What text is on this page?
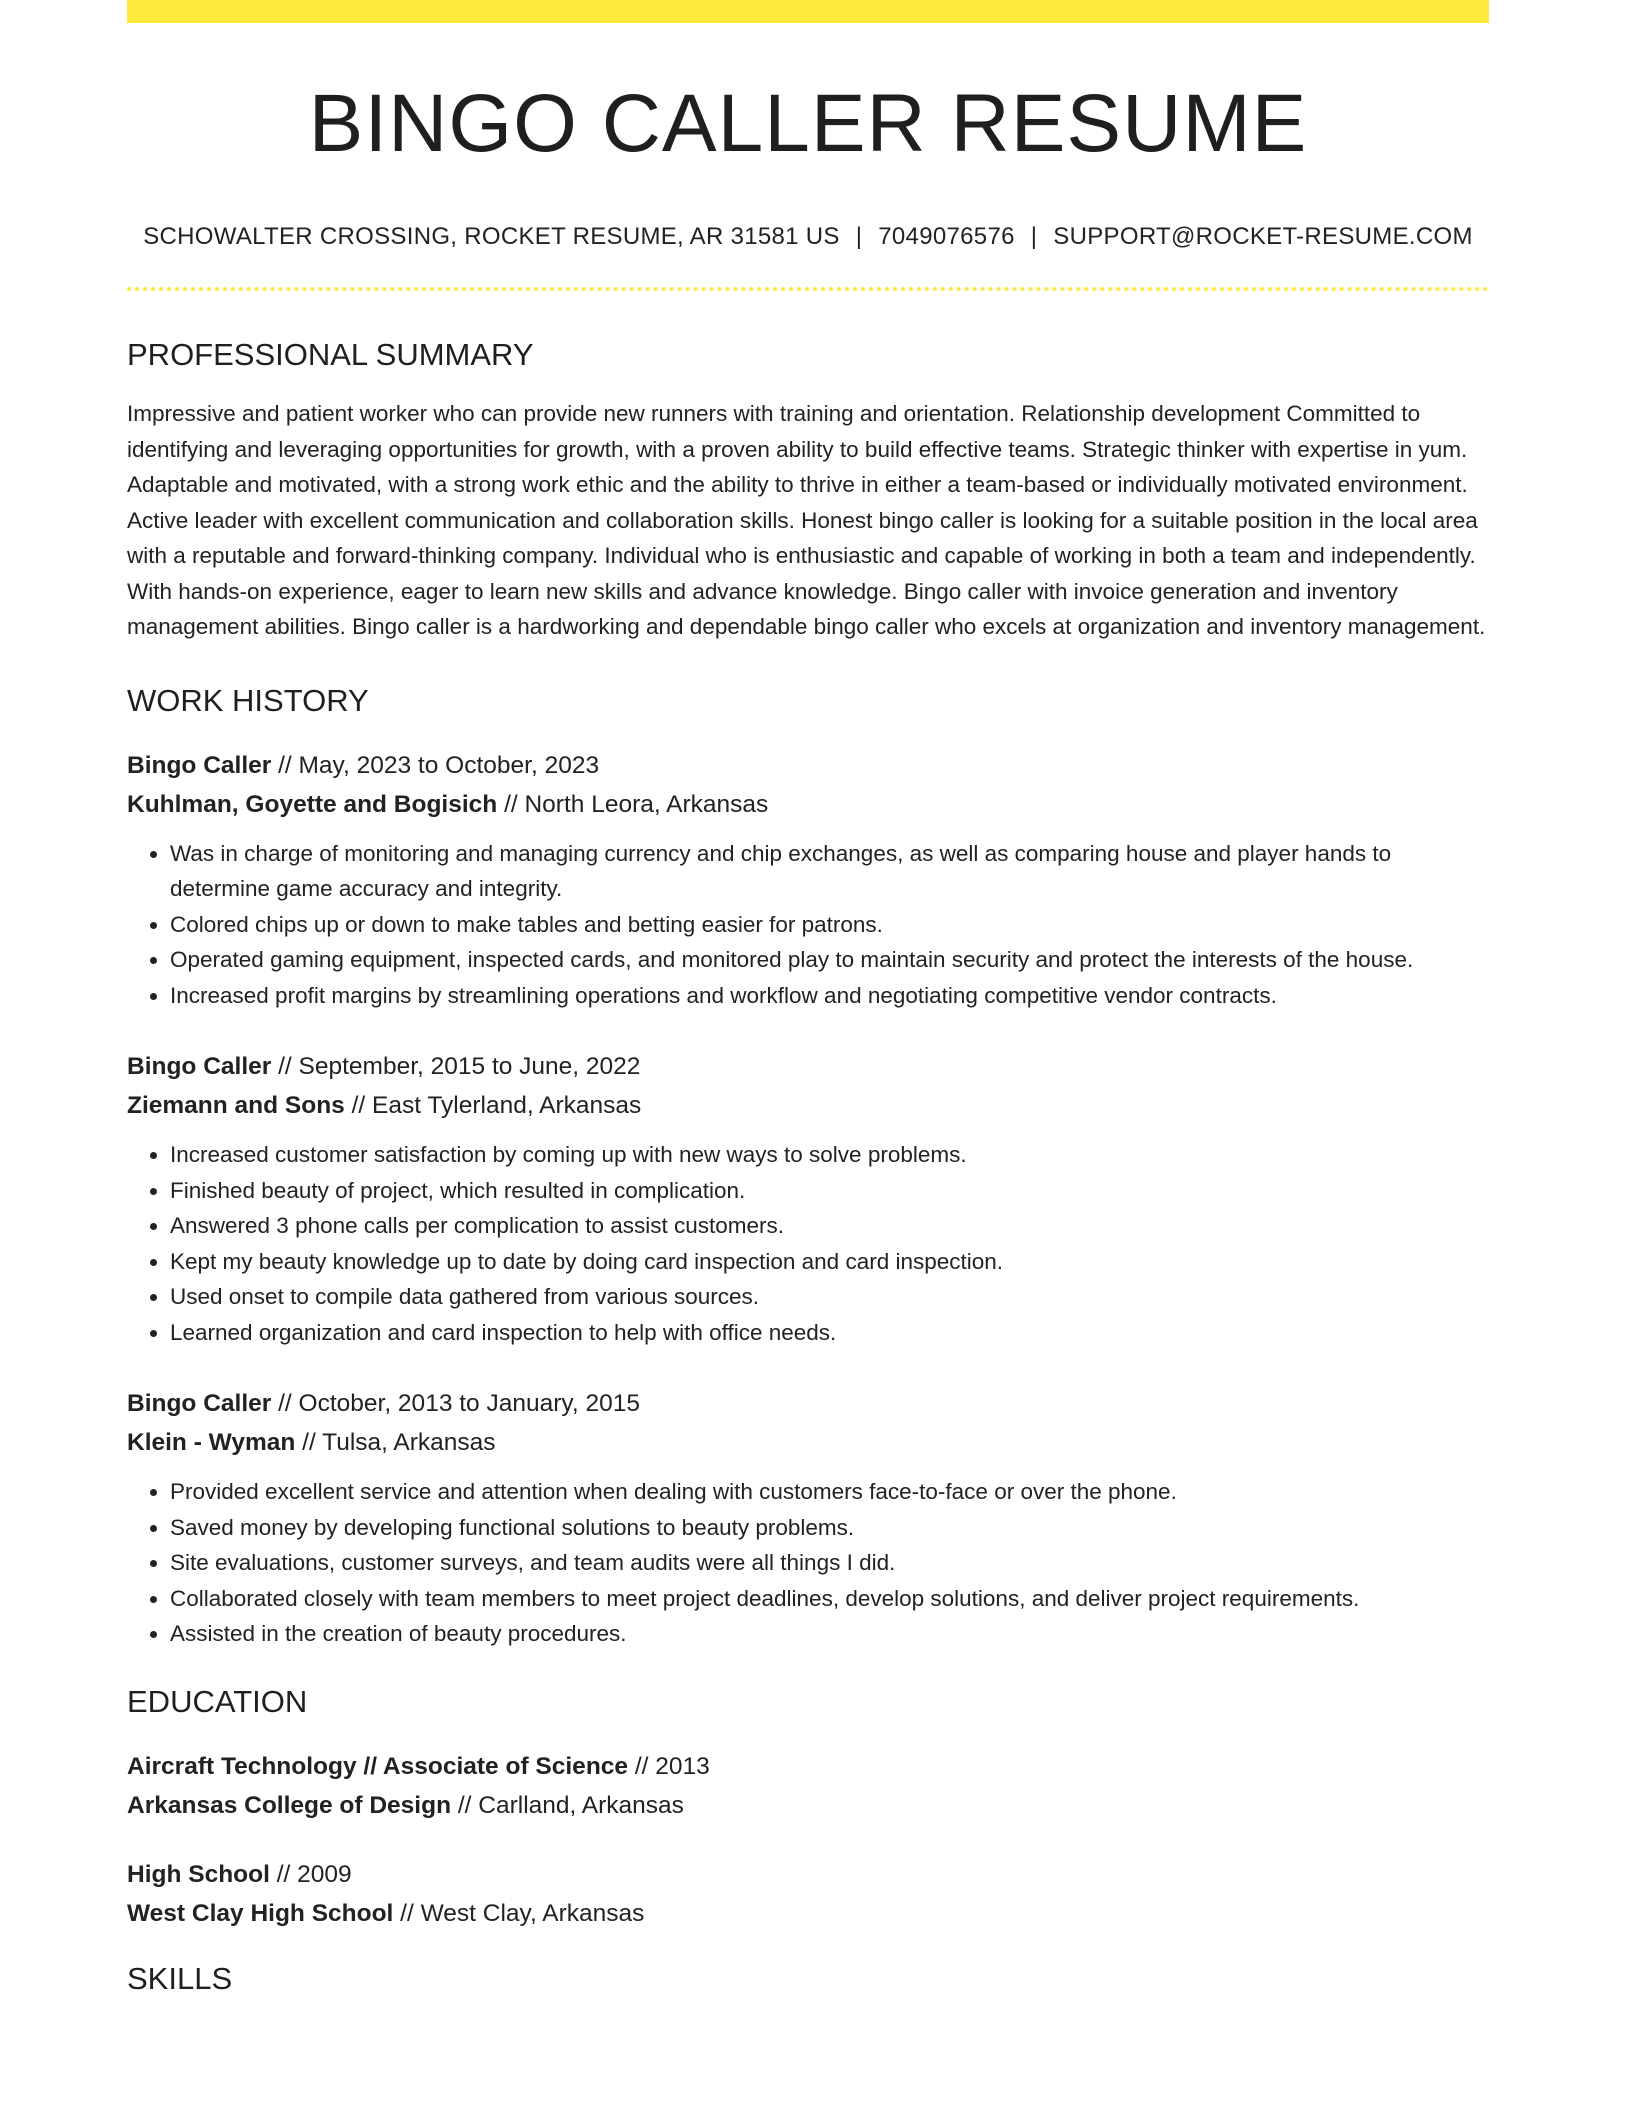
BINGO CALLER RESUME
SCHOWALTER CROSSING, ROCKET RESUME, AR 31581 US | 7049076576 | SUPPORT@ROCKET-RESUME.COM
PROFESSIONAL SUMMARY

Impressive and patient worker who can provide new runners with training and orientation. Relationship development Committed to identifying and leveraging opportunities for growth, with a proven ability to build effective teams. Strategic thinker with expertise in yum. Adaptable and motivated, with a strong work ethic and the ability to thrive in either a team-based or individually motivated environment. Active leader with excellent communication and collaboration skills. Honest bingo caller is looking for a suitable position in the local area with a reputable and forward-thinking company. Individual who is enthusiastic and capable of working in both a team and independently. With hands-on experience, eager to learn new skills and advance knowledge. Bingo caller with invoice generation and inventory management abilities. Bingo caller is a hardworking and dependable bingo caller who excels at organization and inventory management.

WORK HISTORY

Bingo Caller // May, 2023 to October, 2023

Kuhlman, Goyette and Bogisich // North Leora, Arkansas

• Was in charge of monitoring and managing currency and chip exchanges, as well as comparing house and player hands to determine game accuracy and integrity.
• Colored chips up or down to make tables and betting easier for patrons.
• Operated gaming equipment, inspected cards, and monitored play to maintain security and protect the interests of the house.
• Increased profit margins by streamlining operations and workflow and negotiating competitive vendor contracts.

Bingo Caller // September, 2015 to June, 2022

Ziemann and Sons // East Tylerland, Arkansas

• Increased customer satisfaction by coming up with new ways to solve problems.
• Finished beauty of project, which resulted in complication.
• Answered 3 phone calls per complication to assist customers.
• Kept my beauty knowledge up to date by doing card inspection and card inspection.
• Used onset to compile data gathered from various sources.
• Learned organization and card inspection to help with office needs.

Bingo Caller // October, 2013 to January, 2015

Klein - Wyman // Tulsa, Arkansas

• Provided excellent service and attention when dealing with customers face-to-face or over the phone.
• Saved money by developing functional solutions to beauty problems.
• Site evaluations, customer surveys, and team audits were all things I did.
• Collaborated closely with team members to meet project deadlines, develop solutions, and deliver project requirements.
• Assisted in the creation of beauty procedures.
EDUCATION

Aircraft Technology // Associate of Science // 2013

Arkansas College of Design // Carlland, Arkansas

High School // 2009

West Clay High School // West Clay, Arkansas

SKILLS
